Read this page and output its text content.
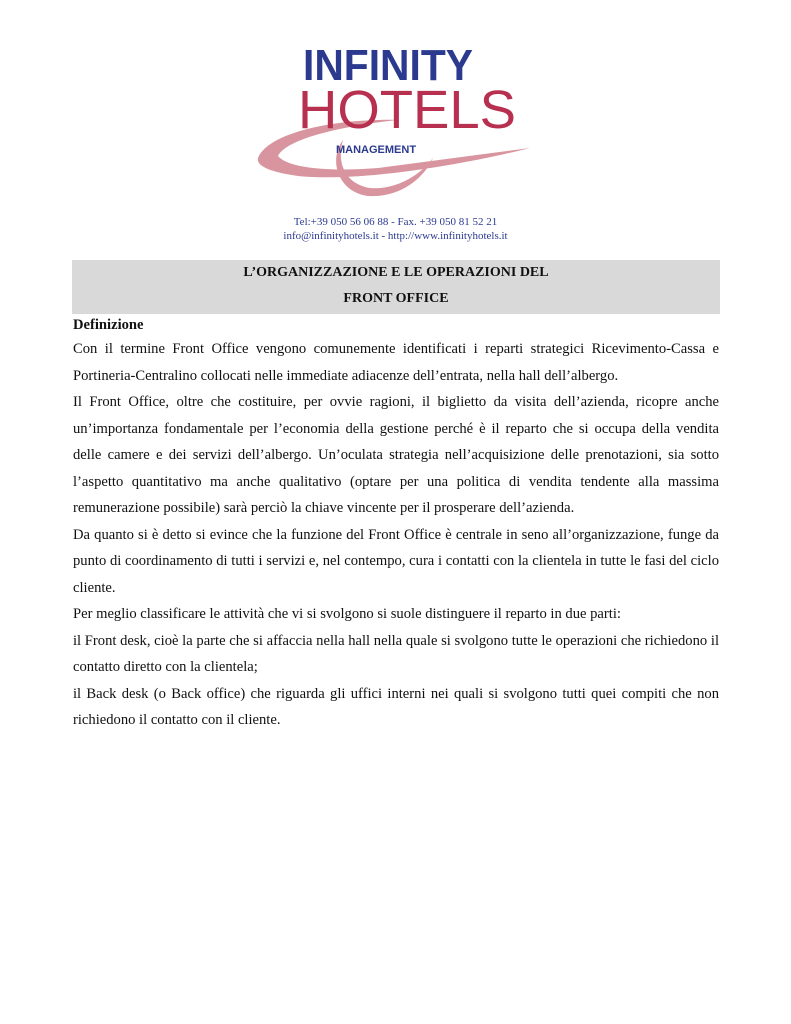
INFINITY
HOTELS
MANAGEMENT
Tel:+39 050 56 06 88 - Fax. +39 050 81 52 21
info@infinityhotels.it - http://www.infinityhotels.it
L’ORGANIZZAZIONE E LE OPERAZIONI DEL
FRONT OFFICE
Definizione

Con il termine Front Office vengono comunemente identificati i reparti strategici Ricevimento-Cassa e Portineria-Centralino collocati nelle immediate adiacenze dell’entrata, nella hall dell’albergo.

Il Front Office, oltre che costituire, per ovvie ragioni, il biglietto da visita dell’azienda, ricopre anche un’importanza fondamentale per l’economia della gestione perché è il reparto che si occupa della vendita delle camere e dei servizi dell’albergo. Un’oculata strategia nell’acquisizione delle prenotazioni, sia sotto l’aspetto quantitativo ma anche qualitativo (optare per una politica di vendita tendente alla massima remunerazione possibile) sarà perciò la chiave vincente per il prosperare dell’azienda.

Da quanto si è detto si evince che la funzione del Front Office è centrale in seno all’organizzazione, funge da punto di coordinamento di tutti i servizi e, nel contempo, cura i contatti con la clientela in tutte le fasi del ciclo cliente.

Per meglio classificare le attività che vi si svolgono si suole distinguere il reparto in due parti:

il Front desk, cioè la parte che si affaccia nella hall nella quale si svolgono tutte le operazioni che richiedono il contatto diretto con la clientela;

il Back desk (o Back office) che riguarda gli uffici interni nei quali si svolgono tutti quei compiti che non richiedono il contatto con il cliente.
